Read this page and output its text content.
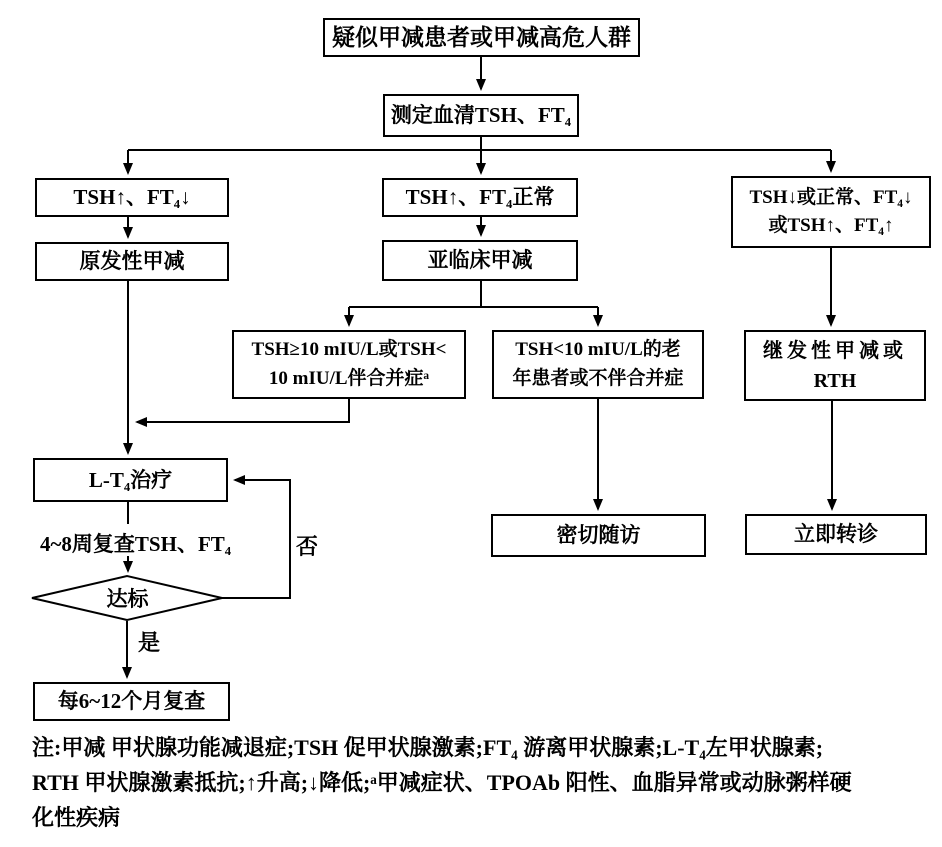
疑似甲减患者或甲减高危人群
测定血清TSH、FT₄
TSH↑、FT₄↓
原发性甲减
TSH↑、FT₄正常
亚临床甲减
TSH↓或正常、FT₄↓
或TSH↑、FT₄↑
TSH≥10 mIU/L或TSH<
10 mIU/L伴合并症ᵃ
TSH<10 mIU/L的老
年患者或不伴合并症
继发性甲减或
RTH
L-T₄治疗
4~8周复查TSH、FT₄
达标
否
是
每6~12个月复查
密切随访	立即转诊
注:甲减 甲状腺功能减退症;TSH 促甲状腺激素;FT₄ 游离甲状腺素;L-T₄左甲状腺素;
RTH 甲状腺激素抵抗;↑升高;↓降低;ᵃ甲减症状、TPOAb 阳性、血脂异常或动脉粥样硬
化性疾病
